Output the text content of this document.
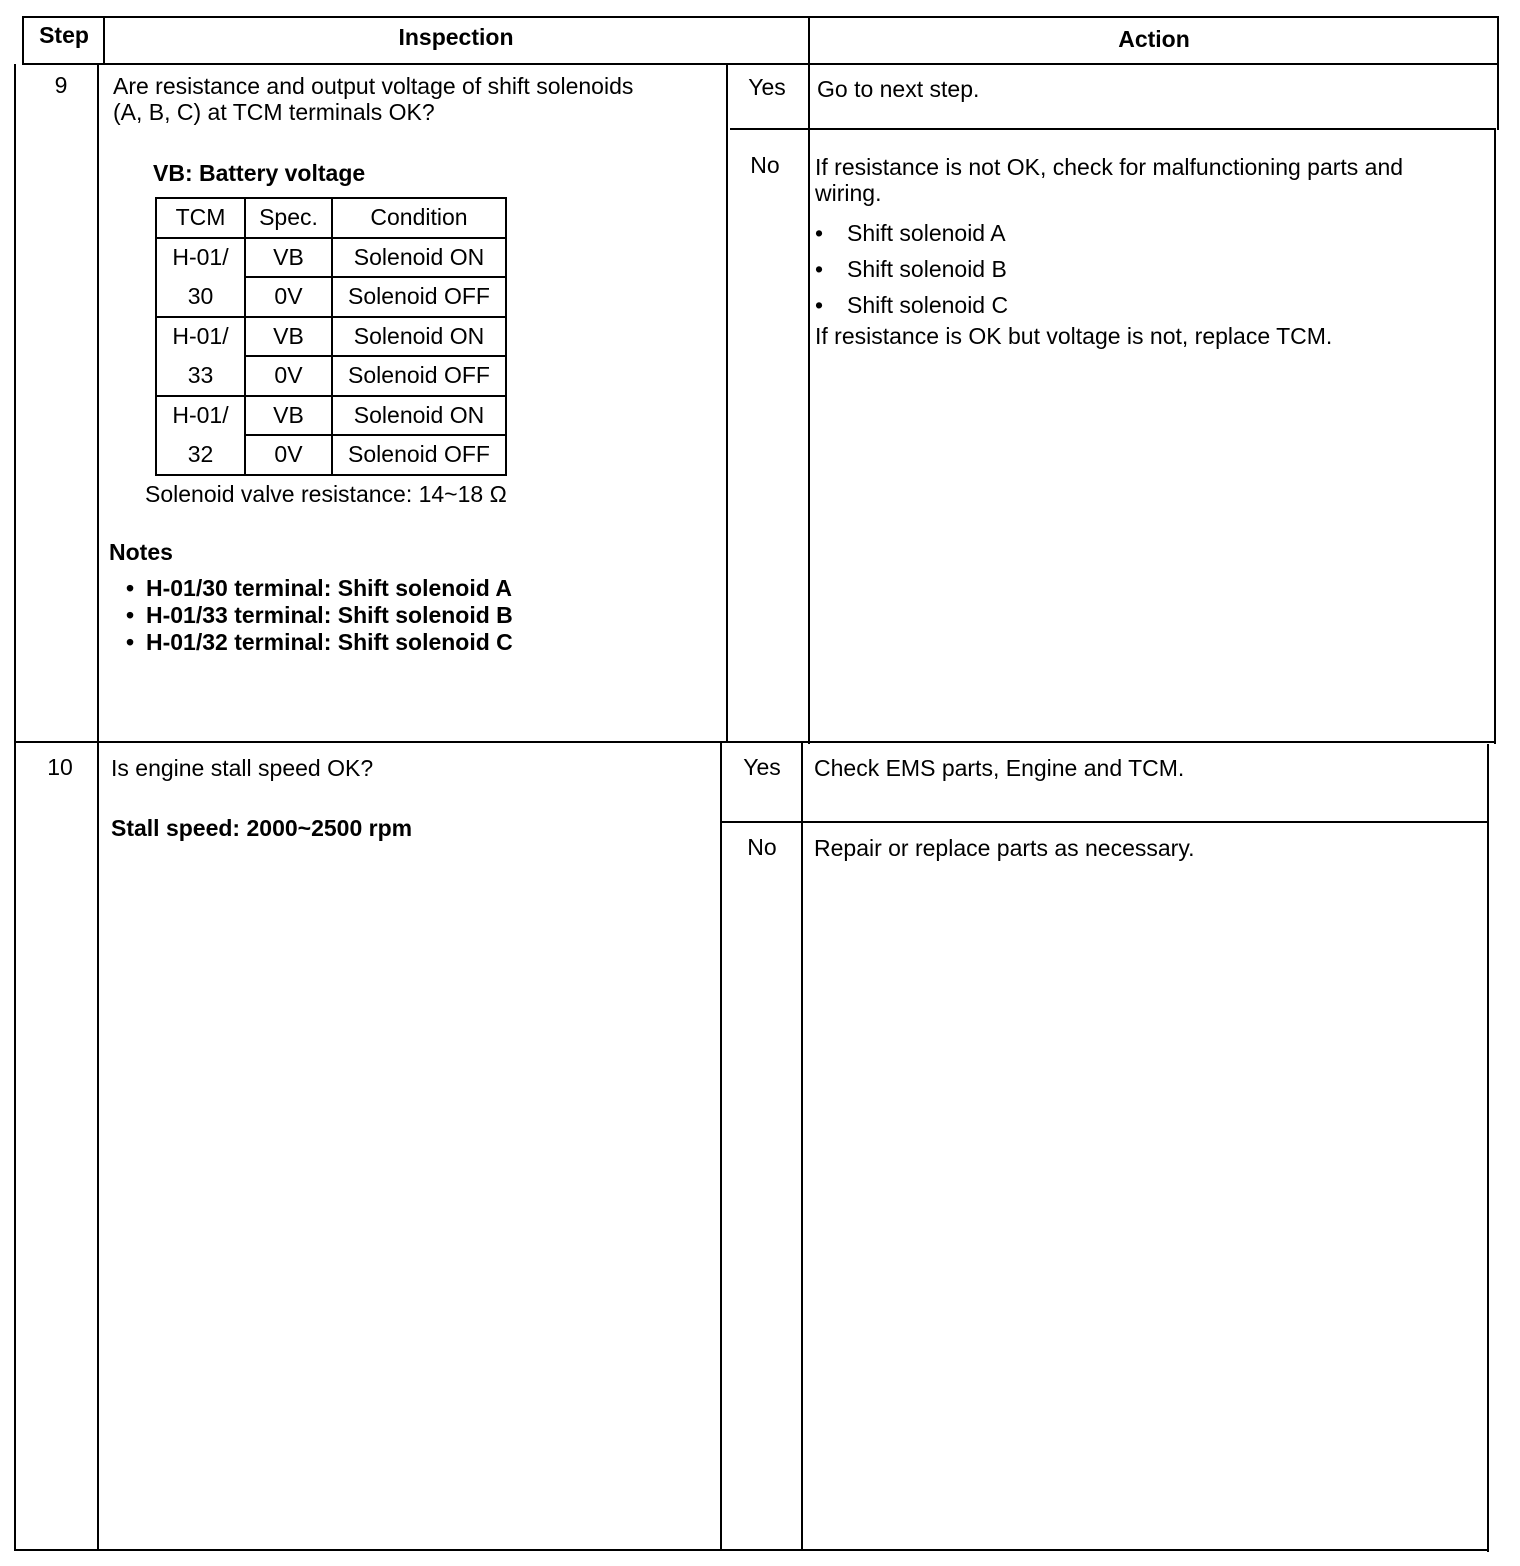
Step	Inspection	Action
9	Are resistance and output voltage of shift solenoids
(A, B, C) at TCM terminals OK?
VB: Battery voltage
TCM	Spec.	Condition
H-01/	VB	Solenoid ON
30	0V	Solenoid OFF
H-01/	VB	Solenoid ON
33	0V	Solenoid OFF
H-01/	VB	Solenoid ON
32	0V	Solenoid OFF
Solenoid valve resistance: 14~18 Ω
Notes
• H-01/30 terminal: Shift solenoid A
• H-01/33 terminal: Shift solenoid B
• H-01/32 terminal: Shift solenoid C
Yes	Go to next step.
No	If resistance is not OK, check for malfunctioning parts and
wiring.
• Shift solenoid A
• Shift solenoid B
• Shift solenoid C
If resistance is OK but voltage is not, replace TCM.
10	Is engine stall speed OK?
Stall speed: 2000~2500 rpm
Yes	Check EMS parts, Engine and TCM.
No	Repair or replace parts as necessary.
